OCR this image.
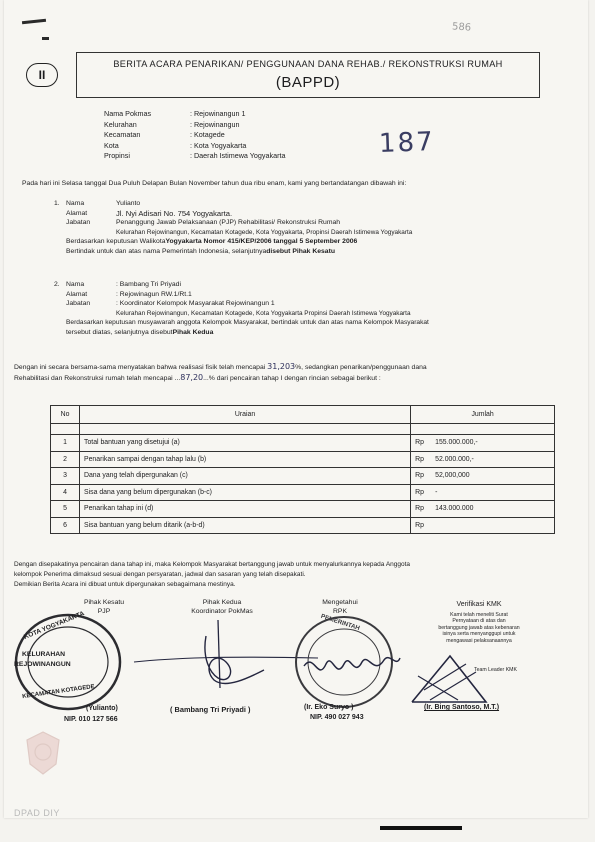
586
II
BERITA ACARA PENARIKAN/ PENGGUNAAN DANA REHAB./ REKONSTRUKSI RUMAH
(BAPPD)
Nama Pokmas	: Rejowinangun 1
Kelurahan	: Rejowinangun
Kecamatan	: Kotagede
Kota	: Kota Yogyakarta
Propinsi	: Daerah Istimewa Yogyakarta	187
Pada hari ini Selasa tanggal Dua Puluh Delapan Bulan November tahun dua ribu enam, kami yang bertandatangan dibawah ini:
1. Nama	Yulianto
Alamat	Jl. Nyi Adisari No. 754 Yogyakarta.
Jabatan	Penanggung Jawab Pelaksanaan (PJP) Rehabilitasi/ Rekonstruksi Rumah
Kelurahan Rejowinangun, Kecamatan Kotagede, Kota Yogyakarta, Propinsi Daerah Istimewa Yogyakarta
Berdasarkan keputusan Walikota Yogyakarta Nomor 415/KEP/2006 tanggal 5 September 2006
Bertindak untuk dan atas nama Pemerintah Indonesia, selanjutnya disebut Pihak Kesatu
2. Nama	: Bambang Tri Priyadi
Alamat	: Rejowinagun RW.1/Rt.1
Jabatan	: Koordinator Kelompok Masyarakat Rejowinangun 1
Kelurahan Rejowinangun, Kecamatan Kotagede, Kota Yogyakarta Propinsi Daerah Istimewa Yogyakarta
Berdasarkan keputusan musyawarah anggota Kelompok Masyarakat, bertindak untuk dan atas nama Kelompok Masyarakat
tersebut diatas, selanjutnya disebut Pihak Kedua
Dengan ini secara bersama-sama menyatakan bahwa realisasi fisik telah mencapai 31,203%, sedangkan penarikan/penggunaan dana
Rehabilitasi dan Rekonstruksi rumah telah mencapai ...87,20...% dari pencairan tahap I dengan rincian sebagai berikut :
No	Uraian	Jumlah	

1	Total bantuan yang disetujui (a)	Rp	155.000.000,-
2	Penarikan sampai dengan tahap lalu (b)	Rp	52.000.000,-
3	Dana yang telah dipergunakan (c)	Rp	52,000,000
4	Sisa dana yang belum dipergunakan (b-c)	Rp	-
5	Penarikan tahap ini (d)	Rp	143.000.000
6	Sisa bantuan yang belum ditarik (a-b-d)	Rp	
Dengan disepakatinya pencairan dana tahap ini, maka Kelompok Masyarakat bertanggung jawab untuk menyalurkannya kepada Anggota
kelompok Penerima dimaksud sesuai dengan persyaratan, jadwal dan sasaran yang telah disepakati.
Demikian Berita Acara ini dibuat untuk dipergunakan sebagaimana mestinya.
Pihak Kesatu
PJP
KOTA YOGYAKARTA
KELURAHAN
REJOWINANGUN
KECAMATAN KOTAGEDE
(Yulianto)
NIP. 010 127 566
Pihak Kedua
Koordinator PokMas
( Bambang Tri Priyadi )
Mengetahui
RPK
PEMERINTAH
(Ir. Eko Suryo )
NIP. 490 027 943
Verifikasi KMK
Kami telah meneliti Surat
Pernyataan di atas dan
bertanggung jawab atas kebenaran
isinya serta menyanggupi untuk
mengawasi pelaksanaannya
Team Leader KMK
(Ir. Bing Santoso, M.T.)
DPAD DIY
